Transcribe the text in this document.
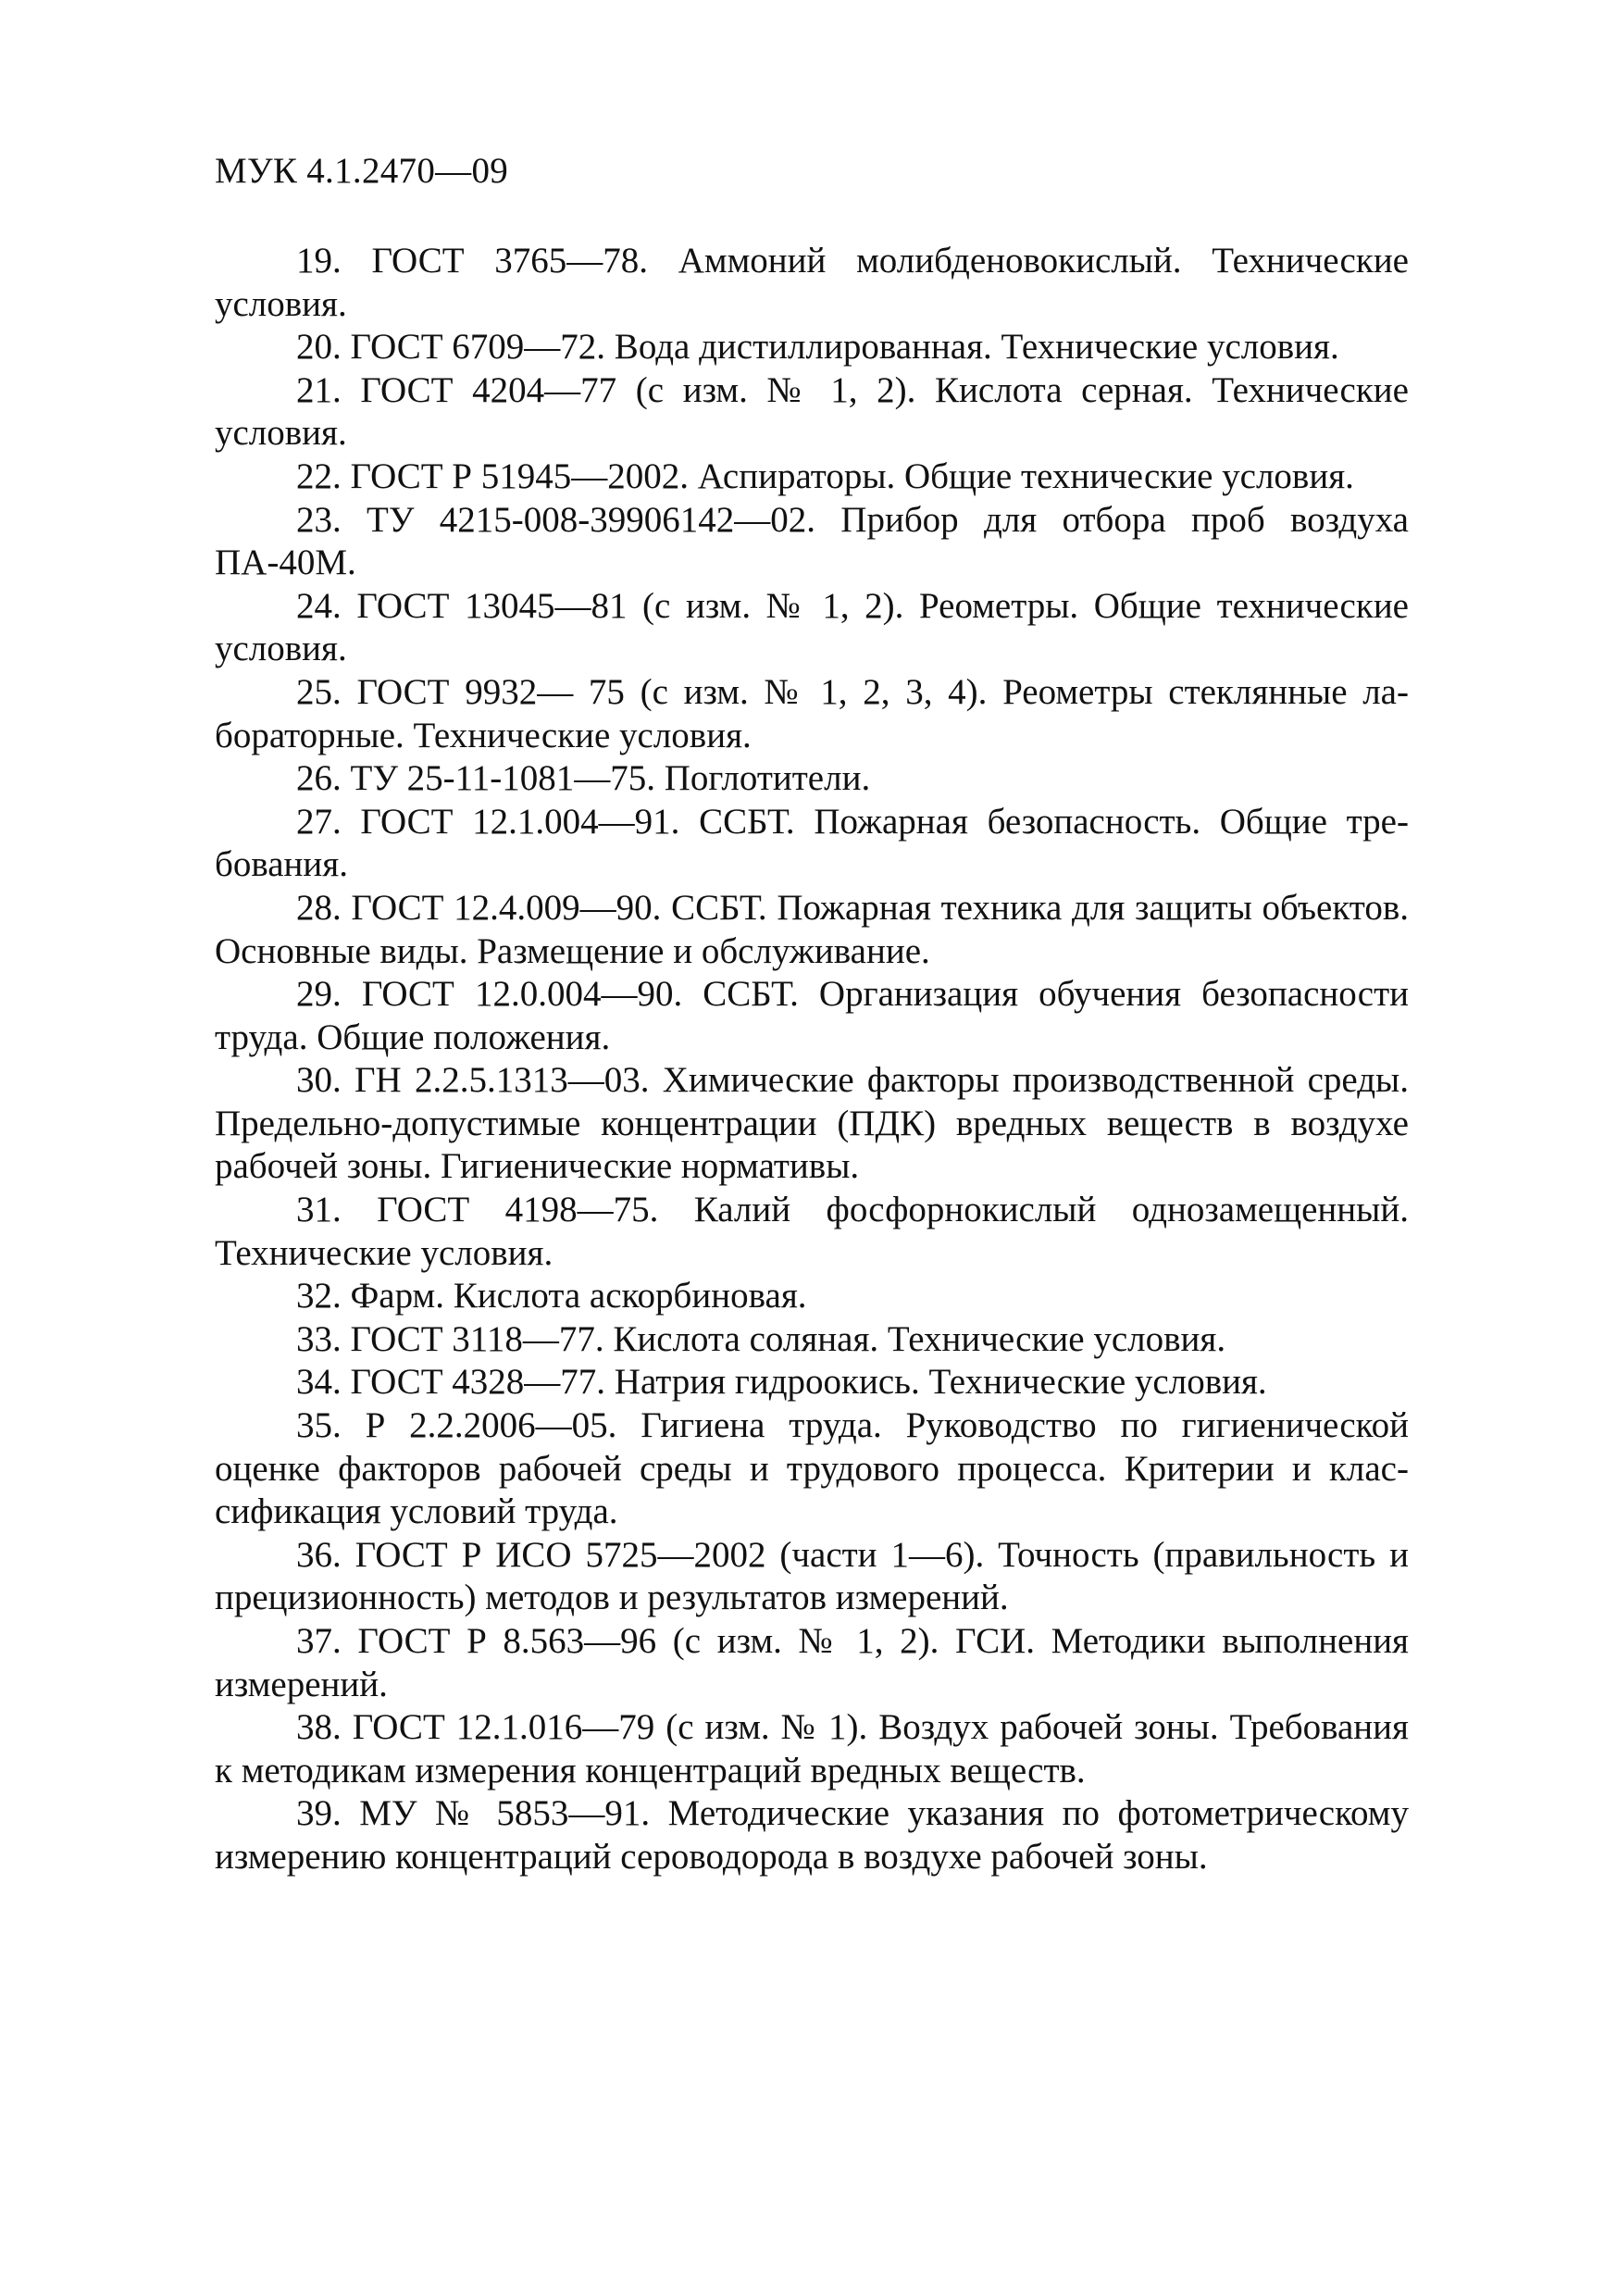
МУК 4.1.2470—09
19. ГОСТ 3765—78. Аммоний молибденовокислый. Технические условия.
20. ГОСТ 6709—72. Вода дистиллированная. Технические условия.
21. ГОСТ 4204—77 (с изм. № 1, 2). Кислота серная. Технические условия.
22. ГОСТ Р 51945—2002. Аспираторы. Общие технические условия.
23. ТУ 4215-008-39906142—02. Прибор для отбора проб воздуха ПА-40М.
24. ГОСТ 13045—81 (с изм. № 1, 2). Реометры. Общие технические условия.
25. ГОСТ 9932— 75 (с изм. № 1, 2, 3, 4). Реометры стеклянные лабораторные. Технические условия.
26. ТУ 25-11-1081—75. Поглотители.
27. ГОСТ 12.1.004—91. ССБТ. Пожарная безопасность. Общие требования.
28. ГОСТ 12.4.009—90. ССБТ. Пожарная техника для защиты объектов. Основные виды. Размещение и обслуживание.
29. ГОСТ 12.0.004—90. ССБТ. Организация обучения безопасности труда. Общие положения.
30. ГН 2.2.5.1313—03. Химические факторы производственной среды. Предельно-допустимые концентрации (ПДК) вредных веществ в воздухе рабочей зоны. Гигиенические нормативы.
31. ГОСТ 4198—75. Калий фосфорнокислый однозамещенный. Технические условия.
32. Фарм. Кислота аскорбиновая.
33. ГОСТ 3118—77. Кислота соляная. Технические условия.
34. ГОСТ 4328—77. Натрия гидроокись. Технические условия.
35. Р 2.2.2006—05. Гигиена труда. Руководство по гигиенической оценке факторов рабочей среды и трудового процесса. Критерии и классификация условий труда.
36. ГОСТ Р ИСО 5725—2002 (части 1—6). Точность (правильность и прецизионность) методов и результатов измерений.
37. ГОСТ Р 8.563—96 (с изм. № 1, 2). ГСИ. Методики выполнения измерений.
38. ГОСТ 12.1.016—79 (с изм. № 1). Воздух рабочей зоны. Требования к методикам измерения концентраций вредных веществ.
39. МУ № 5853—91. Методические указания по фотометрическому измерению концентраций сероводорода в воздухе рабочей зоны.
